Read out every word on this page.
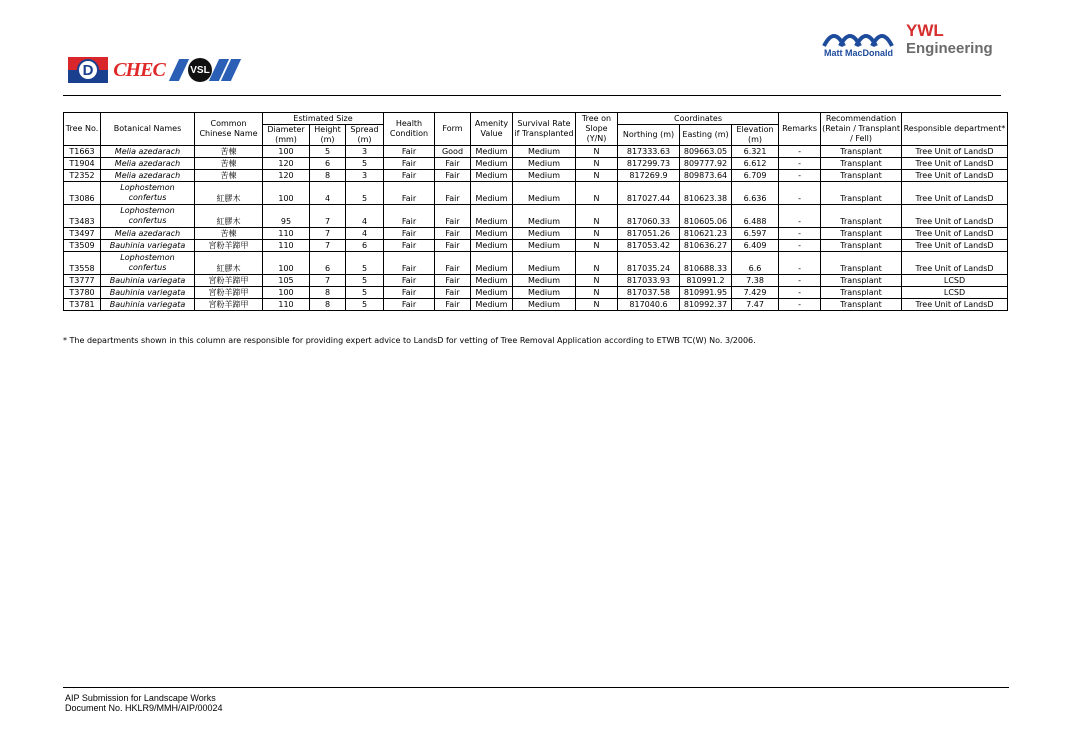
D CHEC	VSL
Matt MacDonald
YWL
Engineering
Tree No.	Botanical Names	Common Chinese Name	Estimated Size			Health Condition	Form	Amenity Value	Survival Rate if Transplanted	Tree on Slope (Y/N)	Coordinates			Remarks	Recommendation (Retain / Transplant / Fell)	Responsible department*
			Diameter (mm)	Height (m)	Spread (m)						Northing (m)	Easting (m)	Elevation (m)			

T1663	Melia azedarach	苦楝	100	5	3	Fair	Good	Medium	Medium	N	817333.63	809663.05	6.321	-	Transplant	Tree Unit of LandsD
T1904	Melia azedarach	苦楝	120	6	5	Fair	Fair	Medium	Medium	N	817299.73	809777.92	6.612	-	Transplant	Tree Unit of LandsD
T2352	Melia azedarach	苦楝	120	8	3	Fair	Fair	Medium	Medium	N	817269.9	809873.64	6.709	-	Transplant	Tree Unit of LandsD
T3086	Lophostemon confertus	紅膠木	100	4	5	Fair	Fair	Medium	Medium	N	817027.44	810623.38	6.636	-	Transplant	Tree Unit of LandsD
T3483	Lophostemon confertus	紅膠木	95	7	4	Fair	Fair	Medium	Medium	N	817060.33	810605.06	6.488	-	Transplant	Tree Unit of LandsD
T3497	Melia azedarach	苦楝	110	7	4	Fair	Fair	Medium	Medium	N	817051.26	810621.23	6.597	-	Transplant	Tree Unit of LandsD
T3509	Bauhinia variegata	宮粉羊蹄甲	110	7	6	Fair	Fair	Medium	Medium	N	817053.42	810636.27	6.409	-	Transplant	Tree Unit of LandsD
T3558	Lophostemon confertus	紅膠木	100	6	5	Fair	Fair	Medium	Medium	N	817035.24	810688.33	6.6	-	Transplant	Tree Unit of LandsD
T3777	Bauhinia variegata	宮粉羊蹄甲	105	7	5	Fair	Fair	Medium	Medium	N	817033.93	810991.2	7.38	-	Transplant	LCSD
T3780	Bauhinia variegata	宮粉羊蹄甲	100	8	5	Fair	Fair	Medium	Medium	N	817037.58	810991.95	7.429	-	Transplant	LCSD
T3781	Bauhinia variegata	宮粉羊蹄甲	110	8	5	Fair	Fair	Medium	Medium	N	817040.6	810992.37	7.47	-	Transplant	Tree Unit of LandsD
* The departments shown in this column are responsible for providing expert advice to LandsD for vetting of Tree Removal Application according to ETWB TC(W) No. 3/2006.
AIP Submission for Landscape Works
Document No. HKLR9/MMH/AIP/00024
